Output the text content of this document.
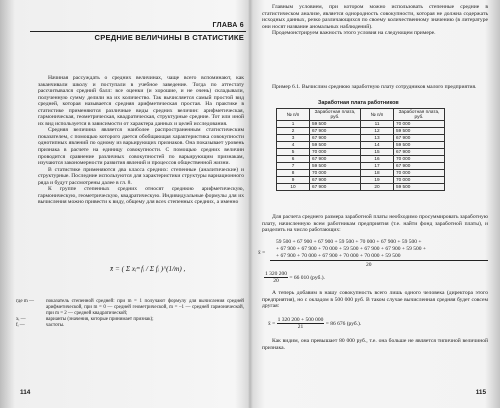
ГЛАВА 6
СРЕДНИЕ ВЕЛИЧИНЫ В СТАТИСТИКЕ

Начиная рассуждать о средних величинах, чаще всего вспоминают, как заканчивали школу и поступали в учебное заведение. Тогда по аттестату рассчитывался средний балл: все оценки (и хорошие, и не очень) складывали, полученную сумму делили на их количество. Так вычисляется самый простой вид средней, которая называется средняя арифметическая простая. На практике в статистике применяются различные виды средних величин: арифметическая, гармоническая, геометрическая, квадратическая, структурные средние. Тот или иной их вид используется в зависимости от характера данных и целей исследования.

Средняя величина является наиболее распространенным статистическим показателем, с помощью которого дается обобщающая характеристика совокупности однотипных явлений по одному из варьирующих признаков. Она показывает уровень признака в расчете на единицу совокупности. С помощью средних величин проводится сравнение различных совокупностей по варьирующим признакам, изучаются закономерности развития явлений и процессов общественной жизни.

В статистике применяются два класса средних: степенные (аналитические) и структурные. Последние используются для характеристики структуры вариационного ряда и будут рассмотрены далее в гл. 8.

К группе степенных средних относят среднюю арифметическую, гармоническую, геометрическую, квадратическую. Индивидуальные формулы для их вычисления можно привести к виду, общему для всех степенных средних, а именно

x̄ = ( Σ xᵢᵐ fᵢ / Σ fᵢ )^(1/m) ,
где m —	показатель степенной средней: при m = 1 получают формулу для вычисления средней арифметической, при m = 0 — средней геометрической, m = –1 — средней гармонической, при m = 2 — средней квадратической;
xᵢ —	варианты (значения, которые принимает признак);
fᵢ —	частоты.
114

Главным условием, при котором можно использовать степенные средние в статистическом анализе, является однородность совокупности, которая не должна содержать исходных данных, резко различающихся по своему количественному значению (в литературе они носят название аномальных наблюдений).

Продемонстрируем важность этого условия на следующем примере.

Пример 6.1. Вычислим среднюю заработную плату сотрудников малого предприятия.

Заработная плата работников
№ п/п	Заработная плата, руб.	№ п/п	Заработная плата, руб.
1	59 500	11	70 000
2	67 900	12	59 500
3	67 900	13	67 900
4	59 500	14	59 500
5	70 000	15	67 900
6	67 900	16	70 000
7	59 500	17	67 900
8	70 000	18	70 000
9	67 900	19	70 000
10	67 900	20	59 500

Для расчета среднего размера заработной платы необходимо просуммировать заработную плату, начисленную всем работникам предприятия (т.е. найти фонд заработной платы), и разделить на число работающих:

59 500 + 67 900 + 67 900 + 59 500 + 70 000 + 67 900 + 59 500 +
+ 67 900 + 67 900 + 70 000 + 59 500 + 67 900 + 67 900 + 59 500 +
x̄ = + 67 900 + 70 000 + 67 900 + 70 000 + 70 000 + 59 500
20
$\frac{1 320 200}{20} = 66$ 010 (руб.).

А теперь добавим в нашу совокупность всего лишь одного человека (директора этого предприятия), но с окладом в 500 000 руб. В таком случае вычисленная средняя будет совсем другая:

x̄ = $\frac{1 320 200 + 500 000}{21} = 86$ 676 (руб.).

Как видим, она превышает 80 000 руб., т.е. она больше не является типичной величиной признака.

115
